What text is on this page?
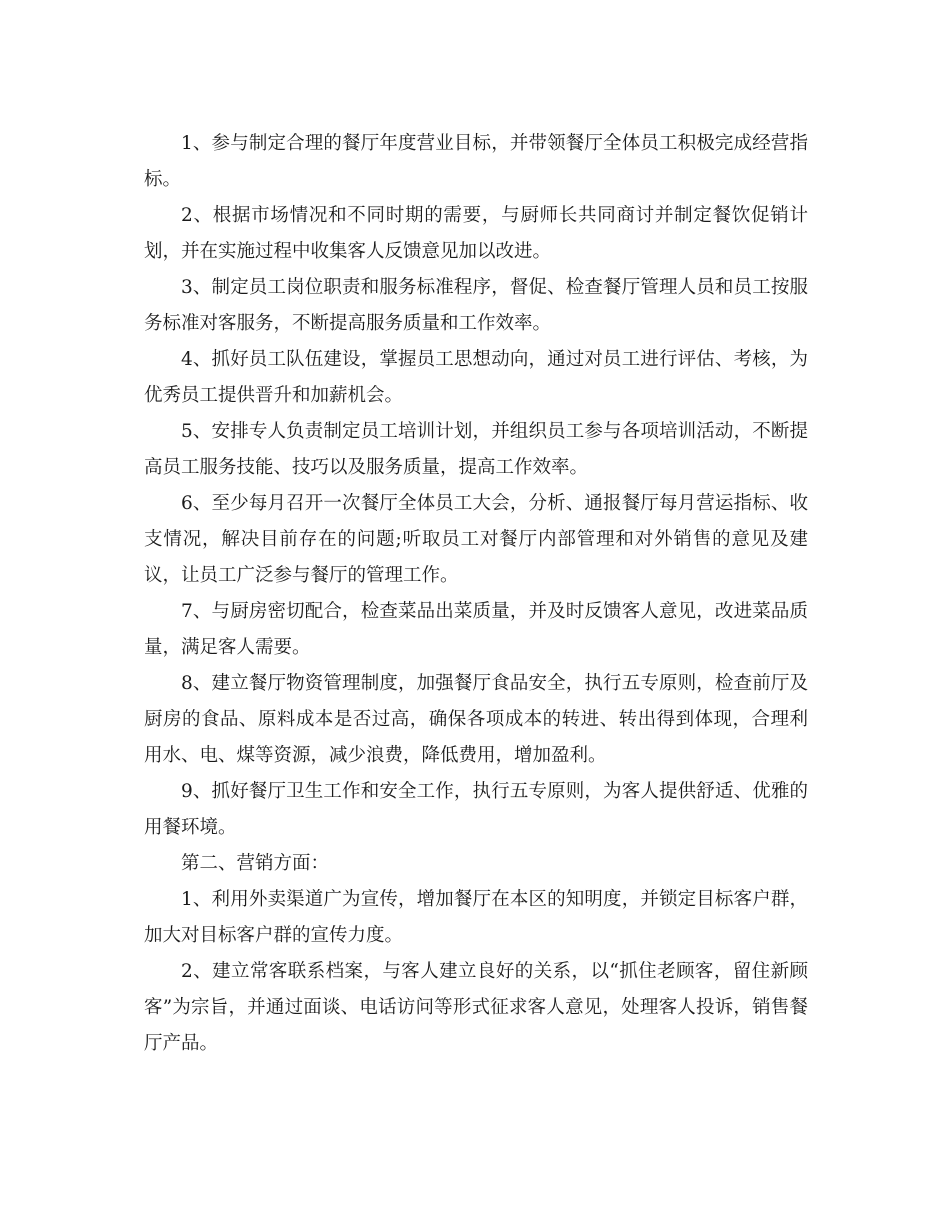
1、参与制定合理的餐厅年度营业目标，并带领餐厅全体员工积极完成经营指标。

2、根据市场情况和不同时期的需要，与厨师长共同商讨并制定餐饮促销计划，并在实施过程中收集客人反馈意见加以改进。

3、制定员工岗位职责和服务标准程序，督促、检查餐厅管理人员和员工按服务标准对客服务，不断提高服务质量和工作效率。

4、抓好员工队伍建设，掌握员工思想动向，通过对员工进行评估、考核，为优秀员工提供晋升和加薪机会。

5、安排专人负责制定员工培训计划，并组织员工参与各项培训活动，不断提高员工服务技能、技巧以及服务质量，提高工作效率。

6、至少每月召开一次餐厅全体员工大会，分析、通报餐厅每月营运指标、收支情况，解决目前存在的问题;听取员工对餐厅内部管理和对外销售的意见及建议，让员工广泛参与餐厅的管理工作。

7、与厨房密切配合，检查菜品出菜质量，并及时反馈客人意见，改进菜品质量，满足客人需要。

8、建立餐厅物资管理制度，加强餐厅食品安全，执行五专原则，检查前厅及厨房的食品、原料成本是否过高，确保各项成本的转进、转出得到体现，合理利用水、电、煤等资源，减少浪费，降低费用，增加盈利。

9、抓好餐厅卫生工作和安全工作，执行五专原则，为客人提供舒适、优雅的用餐环境。

第二、营销方面：

1、利用外卖渠道广为宣传，增加餐厅在本区的知明度，并锁定目标客户群，加大对目标客户群的宣传力度。

2、建立常客联系档案，与客人建立良好的关系，以“抓住老顾客，留住新顾客”为宗旨，并通过面谈、电话访问等形式征求客人意见，处理客人投诉，销售餐厅产品。
